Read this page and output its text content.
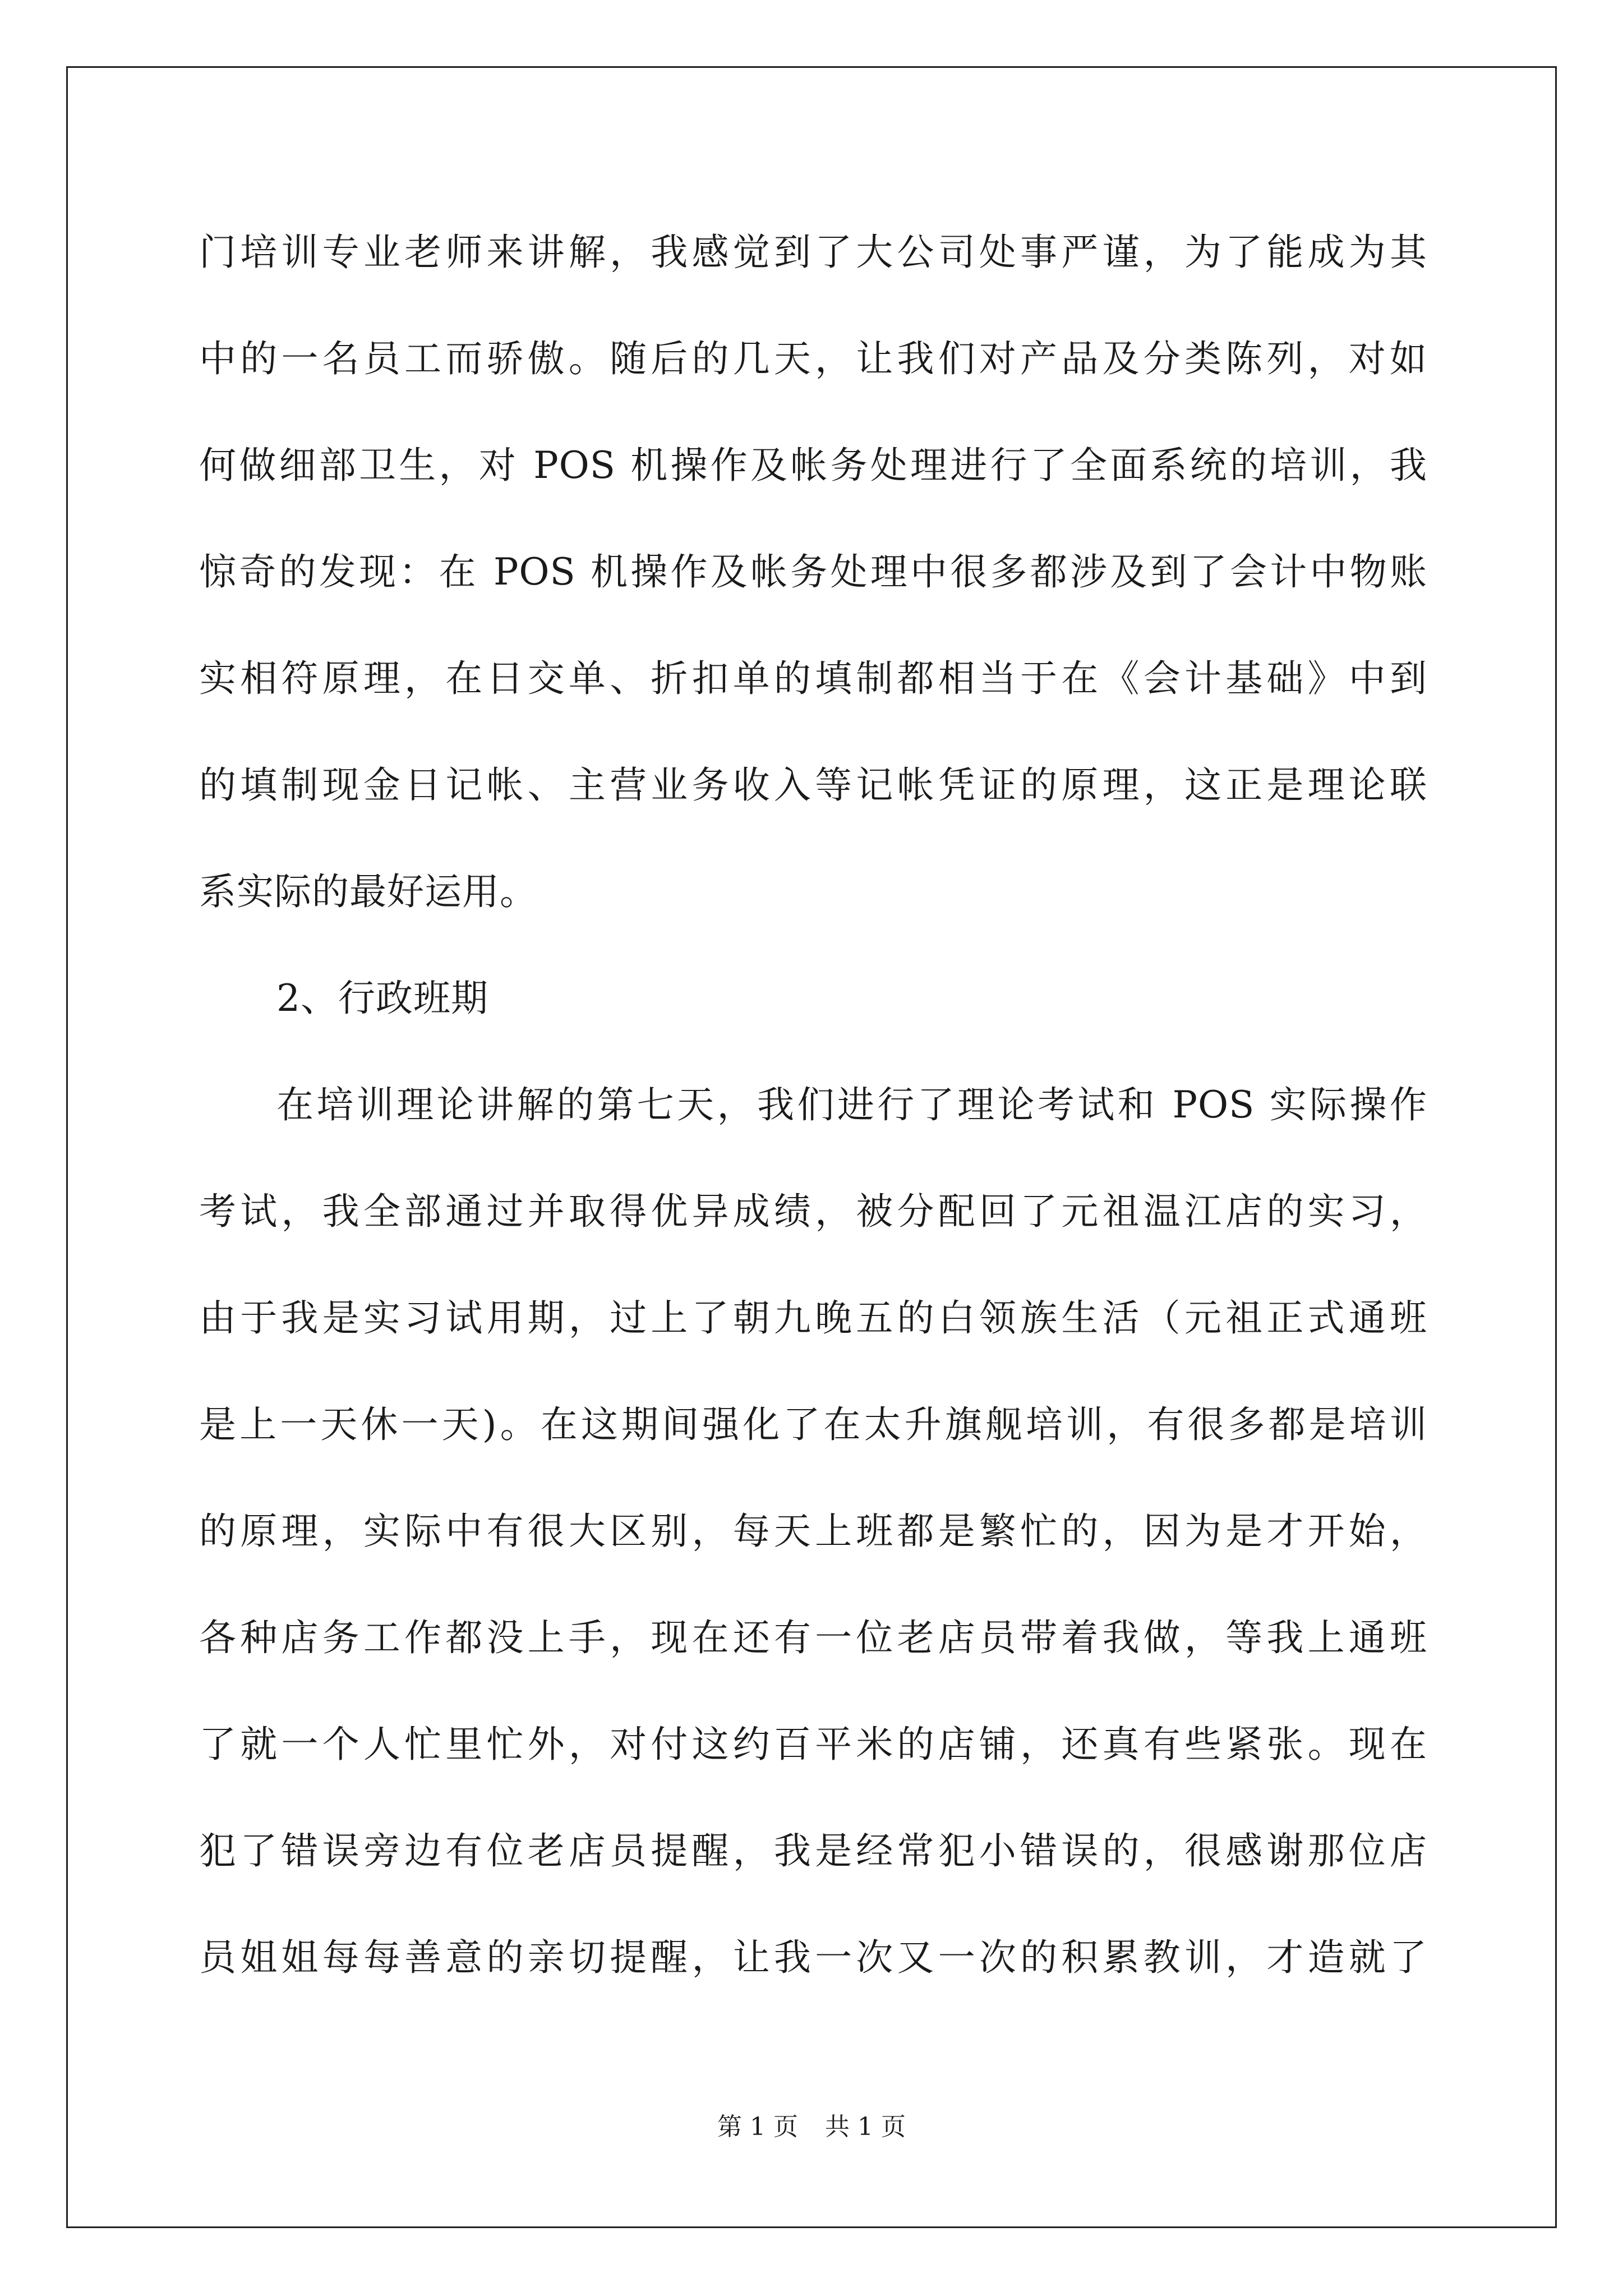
门培训专业老师来讲解，我感觉到了大公司处事严谨，为了能成为其
中的一名员工而骄傲。随后的几天，让我们对产品及分类陈列，对如
何做细部卫生，对 POS 机操作及帐务处理进行了全面系统的培训，我
惊奇的发现：在 POS 机操作及帐务处理中很多都涉及到了会计中物账
实相符原理，在日交单、折扣单的填制都相当于在《会计基础》中到
的填制现金日记帐、主营业务收入等记帐凭证的原理，这正是理论联
系实际的最好运用。
2、行政班期
在培训理论讲解的第七天，我们进行了理论考试和 POS 实际操作
考试，我全部通过并取得优异成绩，被分配回了元祖温江店的实习，
由于我是实习试用期，过上了朝九晚五的白领族生活（元祖正式通班
是上一天休一天)。在这期间强化了在太升旗舰培训，有很多都是培训
的原理，实际中有很大区别，每天上班都是繁忙的，因为是才开始，
各种店务工作都没上手，现在还有一位老店员带着我做，等我上通班
了就一个人忙里忙外，对付这约百平米的店铺，还真有些紧张。现在
犯了错误旁边有位老店员提醒，我是经常犯小错误的，很感谢那位店
员姐姐每每善意的亲切提醒，让我一次又一次的积累教训，才造就了
第 1 页 共 1 页
